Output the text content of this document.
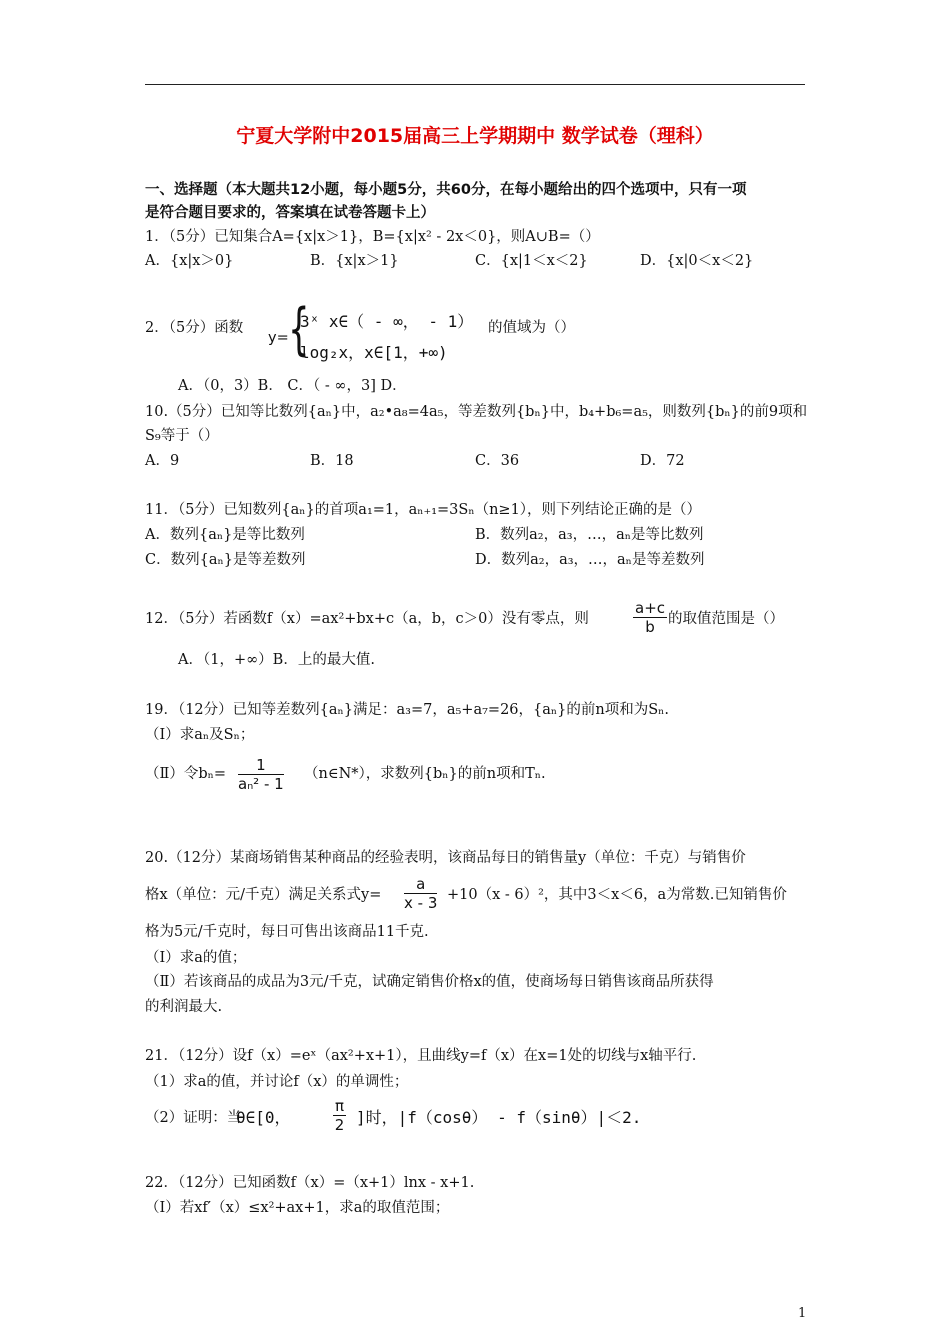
宁夏大学附中2015届高三上学期期中 数学试卷（理科）
一、选择题（本大题共12小题，每小题5分，共60分，在每小题给出的四个选项中，只有一项
是符合题目要求的，答案填在试卷答题卡上）
1．（5分）已知集合A={x|x＞1}，B={x|x² - 2x＜0}，则A∪B=（）
A．{x|x＞0}	B．{x|x＞1}	C．{x|1＜x＜2}	D．{x|0＜x＜2}
2．（5分）函数
y= {
3ˣ x∈（ - ∞， - 1）
log₂x，x∈[1，+∞)
的值域为（）
A．（0，3）B． C．（ - ∞，3] D．
10.（5分）已知等比数列{aₙ}中，a₂•a₈=4a₅，等差数列{bₙ}中，b₄+b₆=a₅，则数列{bₙ}的前9项和
S₉等于（）
A．9	B．18	C．36	D．72
11．（5分）已知数列{aₙ}的首项a₁=1，aₙ₊₁=3Sₙ（n≥1），则下列结论正确的是（）
A．数列{aₙ}是等比数列	B．数列a₂，a₃，…，aₙ是等比数列
C．数列{aₙ}是等差数列	D．数列a₂，a₃，…，aₙ是等差数列
12．（5分）若函数f（x）=ax²+bx+c（a，b，c＞0）没有零点，则	$\frac{a+c}{b}$ 的取值范围是（）
A．（1，+∞）B．上的最大值.
19．（12分）已知等差数列{aₙ}满足：a₃=7，a₅+a₇=26，{aₙ}的前n项和为Sₙ.
（Ⅰ）求aₙ及Sₙ；
（Ⅱ）令$b_n= \frac{1}{\text{aₙ² - 1}}$ （n∈N*），求数列{bₙ}的前n项和Tₙ.
20.（12分）某商场销售某种商品的经验表明，该商品每日的销售量y（单位：千克）与销售价
格x（单位：元/千克）满足关系式$y= \frac{a}{x - 3} +10(x - 6)^2$，其中3＜x＜6，a为常数.已知销售价
格为5元/千克时，每日可售出该商品11千克.
（Ⅰ）求a的值；
（Ⅱ）若该商品的成品为3元/千克，试确定销售价格x的值，使商场每日销售该商品所获得
的利润最大.
21．（12分）设f（x）=eˣ（ax²+x+1），且曲线y=f（x）在x=1处的切线与x轴平行.
（1）求a的值，并讨论f（x）的单调性；
（2）证明：当
θ∈[0，	$\frac{\pi}{2}$ ]时，|f（cosθ） - f（sinθ）|＜2.
22．（12分）已知函数f（x）=（x+1）lnx - x+1.
（Ⅰ）若xf′（x）≤x²+ax+1，求a的取值范围；
1
